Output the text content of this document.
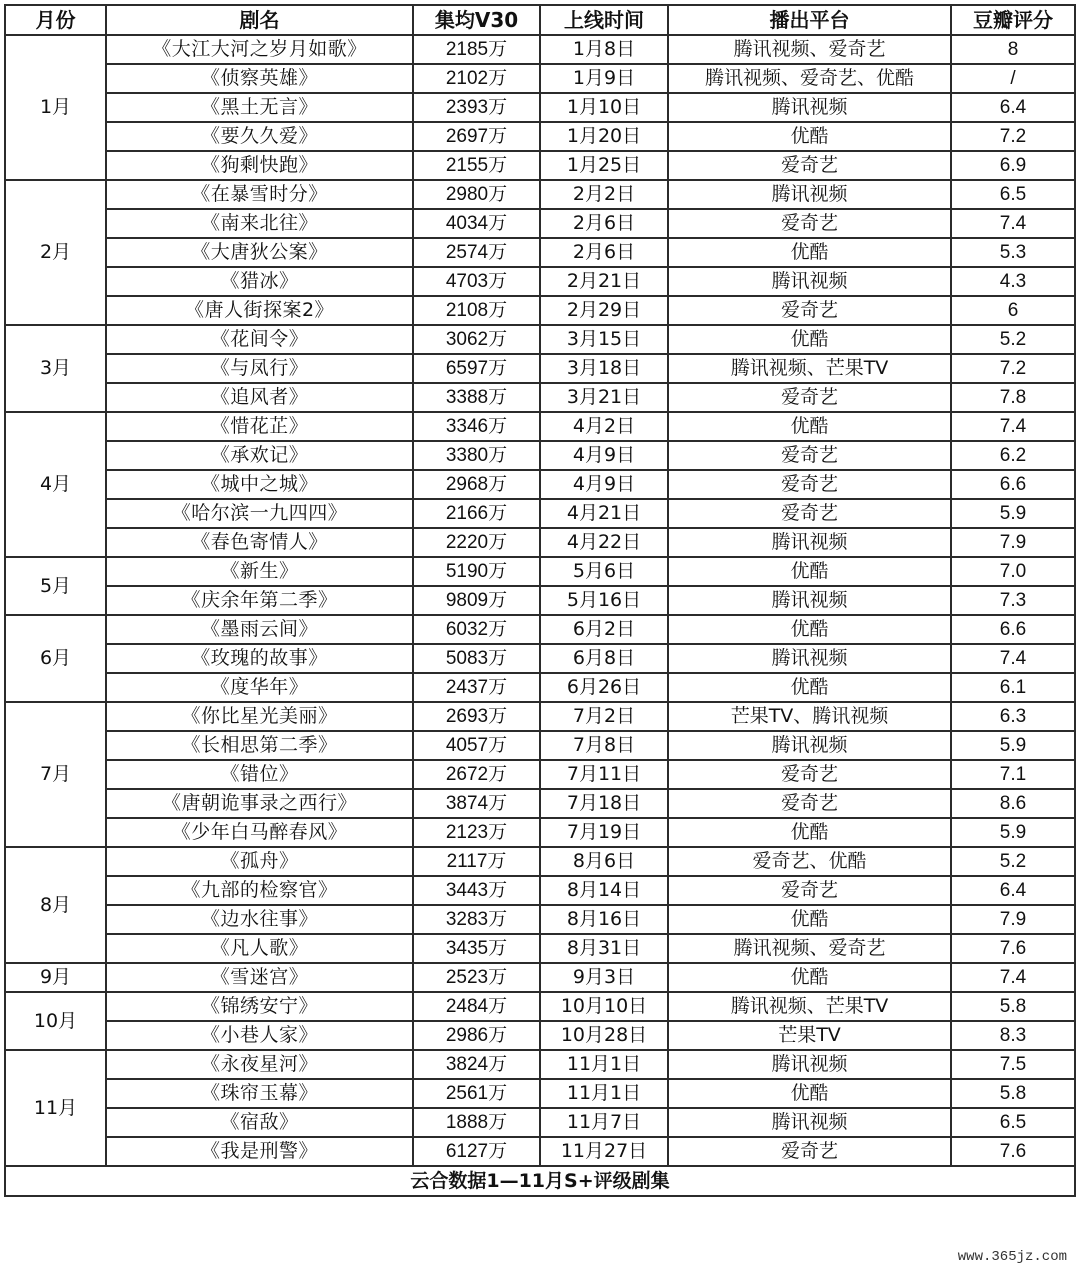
月份	剧名	集均V30	上线时间	播出平台	豆瓣评分
1月	《大江大河之岁月如歌》	2185万	1月8日	腾讯视频、爱奇艺	8
	《侦察英雄》	2102万	1月9日	腾讯视频、爱奇艺、优酷	/
	《黑土无言》	2393万	1月10日	腾讯视频	6.4
	《要久久爱》	2697万	1月20日	优酷	7.2
	《狗剩快跑》	2155万	1月25日	爱奇艺	6.9
2月	《在暴雪时分》	2980万	2月2日	腾讯视频	6.5
	《南来北往》	4034万	2月6日	爱奇艺	7.4
	《大唐狄公案》	2574万	2月6日	优酷	5.3
	《猎冰》	4703万	2月21日	腾讯视频	4.3
	《唐人街探案2》	2108万	2月29日	爱奇艺	6
3月	《花间令》	3062万	3月15日	优酷	5.2
	《与凤行》	6597万	3月18日	腾讯视频、芒果TV	7.2
	《追风者》	3388万	3月21日	爱奇艺	7.8
4月	《惜花芷》	3346万	4月2日	优酷	7.4
	《承欢记》	3380万	4月9日	爱奇艺	6.2
	《城中之城》	2968万	4月9日	爱奇艺	6.6
	《哈尔滨一九四四》	2166万	4月21日	爱奇艺	5.9
	《春色寄情人》	2220万	4月22日	腾讯视频	7.9
5月	《新生》	5190万	5月6日	优酷	7.0
	《庆余年第二季》	9809万	5月16日	腾讯视频	7.3
6月	《墨雨云间》	6032万	6月2日	优酷	6.6
	《玫瑰的故事》	5083万	6月8日	腾讯视频	7.4
	《度华年》	2437万	6月26日	优酷	6.1
7月	《你比星光美丽》	2693万	7月2日	芒果TV、腾讯视频	6.3
	《长相思第二季》	4057万	7月8日	腾讯视频	5.9
	《错位》	2672万	7月11日	爱奇艺	7.1
	《唐朝诡事录之西行》	3874万	7月18日	爱奇艺	8.6
	《少年白马醉春风》	2123万	7月19日	优酷	5.9
8月	《孤舟》	2117万	8月6日	爱奇艺、优酷	5.2
	《九部的检察官》	3443万	8月14日	爱奇艺	6.4
	《边水往事》	3283万	8月16日	优酷	7.9
	《凡人歌》	3435万	8月31日	腾讯视频、爱奇艺	7.6
9月	《雪迷宫》	2523万	9月3日	优酷	7.4
10月	《锦绣安宁》	2484万	10月10日	腾讯视频、芒果TV	5.8
	《小巷人家》	2986万	10月28日	芒果TV	8.3
11月	《永夜星河》	3824万	11月1日	腾讯视频	7.5
	《珠帘玉幕》	2561万	11月1日	优酷	5.8
	《宿敌》	1888万	11月7日	腾讯视频	6.5
	《我是刑警》	6127万	11月27日	爱奇艺	7.6
云合数据1—11月S+评级剧集					
www.365jz.com
